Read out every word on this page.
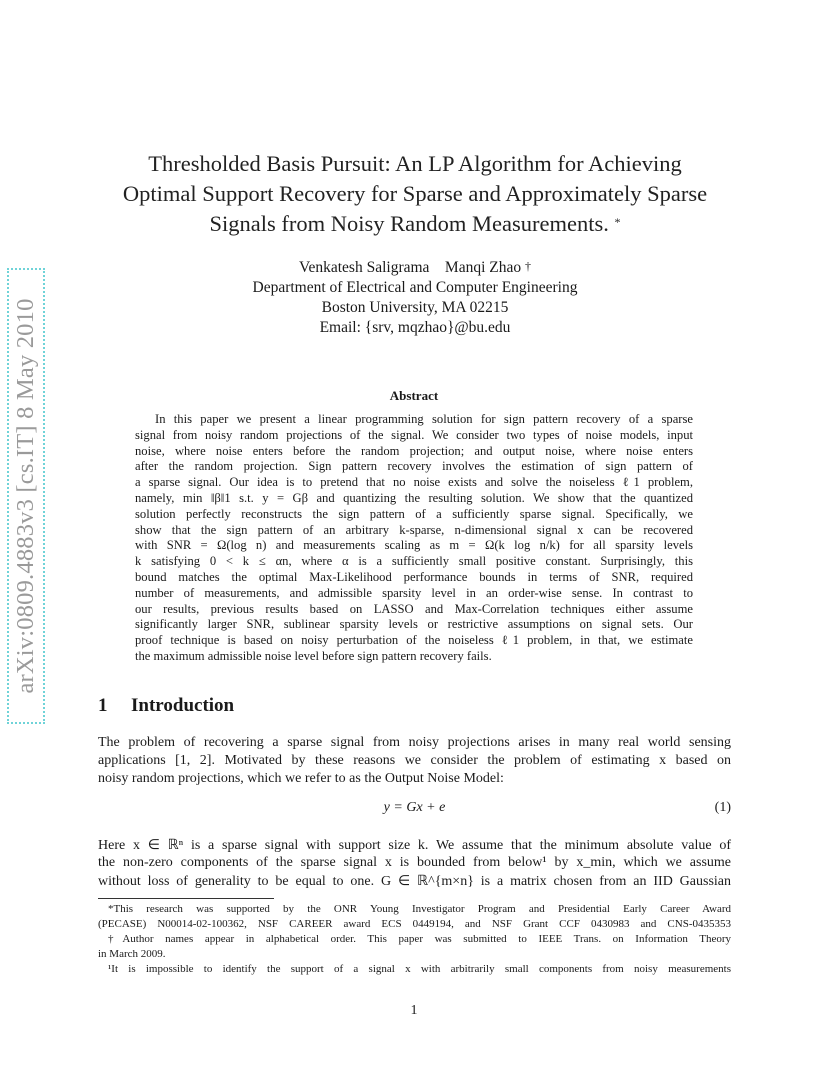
arXiv:0809.4883v3 [cs.IT] 8 May 2010
Thresholded Basis Pursuit: An LP Algorithm for Achieving
Optimal Support Recovery for Sparse and Approximately Sparse
Signals from Noisy Random Measurements. *
Venkatesh Saligrama    Manqi Zhao †
Department of Electrical and Computer Engineering
Boston University, MA 02215
Email: {srv, mqzhao}@bu.edu
Abstract
In this paper we present a linear programming solution for sign pattern recovery of a sparse
signal from noisy random projections of the signal. We consider two types of noise models, input
noise, where noise enters before the random projection; and output noise, where noise enters
after the random projection. Sign pattern recovery involves the estimation of sign pattern of
a sparse signal. Our idea is to pretend that no noise exists and solve the noiseless ℓ1 problem,
namely, min ‖β‖1 s.t. y = Gβ and quantizing the resulting solution. We show that the quantized
solution perfectly reconstructs the sign pattern of a sufficiently sparse signal. Specifically, we
show that the sign pattern of an arbitrary k-sparse, n-dimensional signal x can be recovered
with SNR = Ω(log n) and measurements scaling as m = Ω(k log n/k) for all sparsity levels
k satisfying 0 < k ≤ αn, where α is a sufficiently small positive constant. Surprisingly, this
bound matches the optimal Max-Likelihood performance bounds in terms of SNR, required
number of measurements, and admissible sparsity level in an order-wise sense. In contrast to
our results, previous results based on LASSO and Max-Correlation techniques either assume
significantly larger SNR, sublinear sparsity levels or restrictive assumptions on signal sets. Our
proof technique is based on noisy perturbation of the noiseless ℓ1 problem, in that, we estimate
the maximum admissible noise level before sign pattern recovery fails.
1 Introduction
The problem of recovering a sparse signal from noisy projections arises in many real world sensing
applications [1, 2]. Motivated by these reasons we consider the problem of estimating x based on
noisy random projections, which we refer to as the Output Noise Model:
y = Gx + e	(1)
Here x ∈ ℝⁿ is a sparse signal with support size k. We assume that the minimum absolute value of
the non-zero components of the sparse signal x is bounded from below¹ by x_min, which we assume
without loss of generality to be equal to one. G ∈ ℝ^{m×n} is a matrix chosen from an IID Gaussian
*This research was supported by the ONR Young Investigator Program and Presidential Early Career Award
(PECASE) N00014-02-100362, NSF CAREER award ECS 0449194, and NSF Grant CCF 0430983 and CNS-0435353
†Author names appear in alphabetical order. This paper was submitted to IEEE Trans. on Information Theory
in March 2009.
¹It is impossible to identify the support of a signal x with arbitrarily small components from noisy measurements
1
